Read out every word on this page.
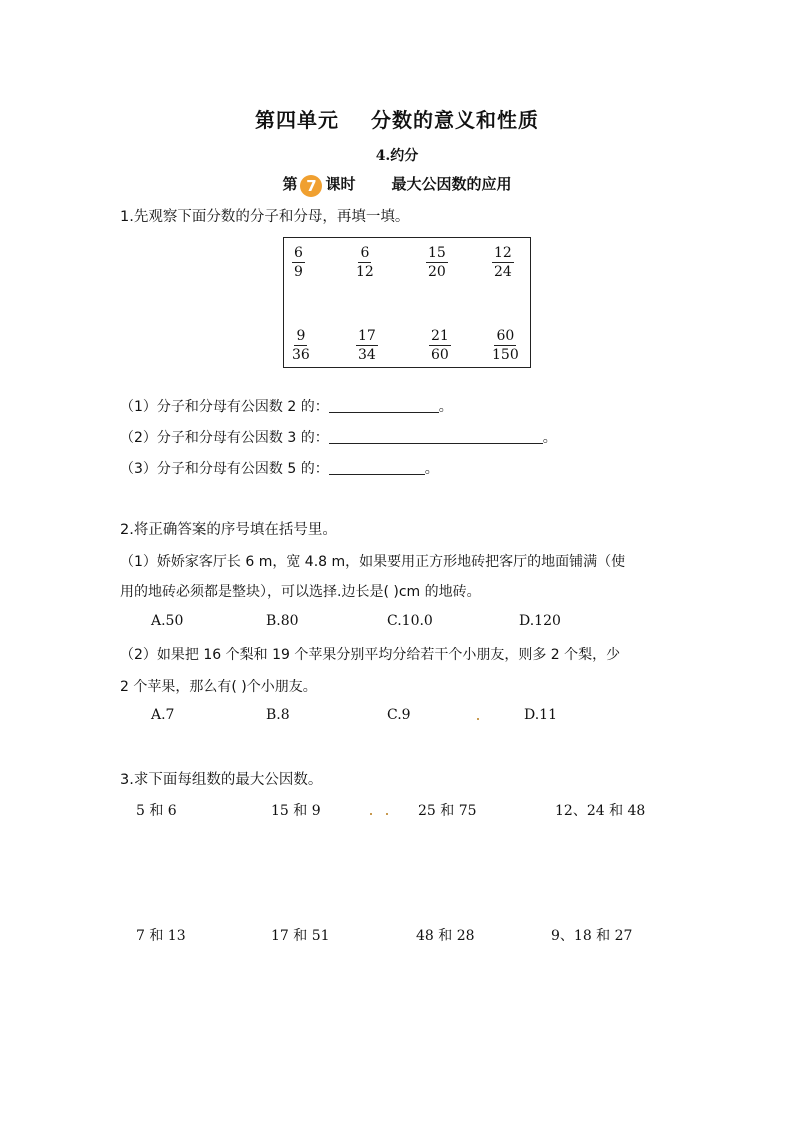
第四单元 分数的意义和性质
4.约分
第 7 课时 最大公因数的应用
1.先观察下面分数的分子和分母，再填一填。
$\frac{6}{9}$	$\frac{6}{12}$	$\frac{15}{20}$	$\frac{12}{24}$
$\frac{9}{36}$	$\frac{17}{34}$	$\frac{21}{60}$	$\frac{60}{150}$
（1）分子和分母有公因数 2 的：	。
（2）分子和分母有公因数 3 的：	。
（3）分子和分母有公因数 5 的：	。
2.将正确答案的序号填在括号里。
（1）娇娇家客厅长 6 m，宽 4.8 m，如果要用正方形地砖把客厅的地面铺满（使
用的地砖必须都是整块），可以选择.边长是( )cm 的地砖。
A.50	B.80	C.10.0	D.120
（2）如果把 16 个梨和 19 个苹果分别平均分给若干个小朋友，则多 2 个梨，少
2 个苹果，那么有( )个小朋友。
A.7	B.8	C.9	D.11
3.求下面每组数的最大公因数。
5 和 6	15 和 9	25 和 75	12、24 和 48
7 和 13	17 和 51	48 和 28	9、18 和 27
